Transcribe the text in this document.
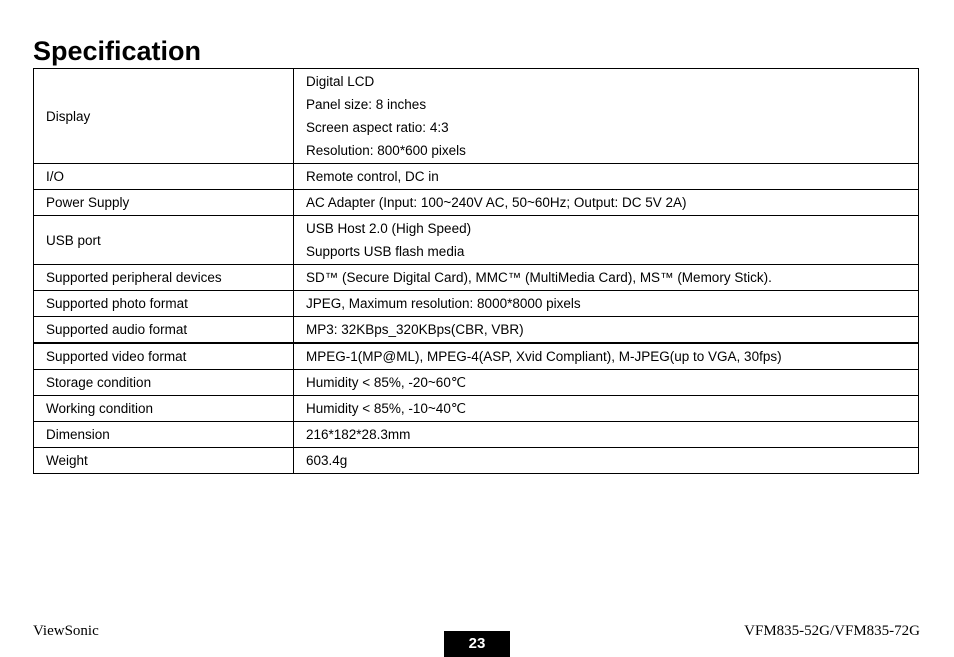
Specification
Display	Digital LCD
Panel size: 8 inches
Screen aspect ratio: 4:3
Resolution: 800*600 pixels

I/O	Remote control, DC in

Power Supply	AC Adapter (Input: 100~240V AC, 50~60Hz; Output: DC 5V 2A)

USB port	USB Host 2.0 (High Speed)
Supports USB flash media

Supported peripheral devices	SD™ (Secure Digital Card), MMC™ (MultiMedia Card), MS™ (Memory Stick).

Supported photo format	JPEG, Maximum resolution: 8000*8000 pixels

Supported audio format	MP3: 32KBps_320KBps(CBR, VBR)

Supported video format	MPEG-1(MP@ML), MPEG-4(ASP, Xvid Compliant), M-JPEG(up to VGA, 30fps)

Storage condition	Humidity < 85%, -20~60℃

Working condition	Humidity < 85%, -10~40℃

Dimension	216*182*28.3mm

Weight	603.4g
ViewSonic
23
VFM835-52G/VFM835-72G
